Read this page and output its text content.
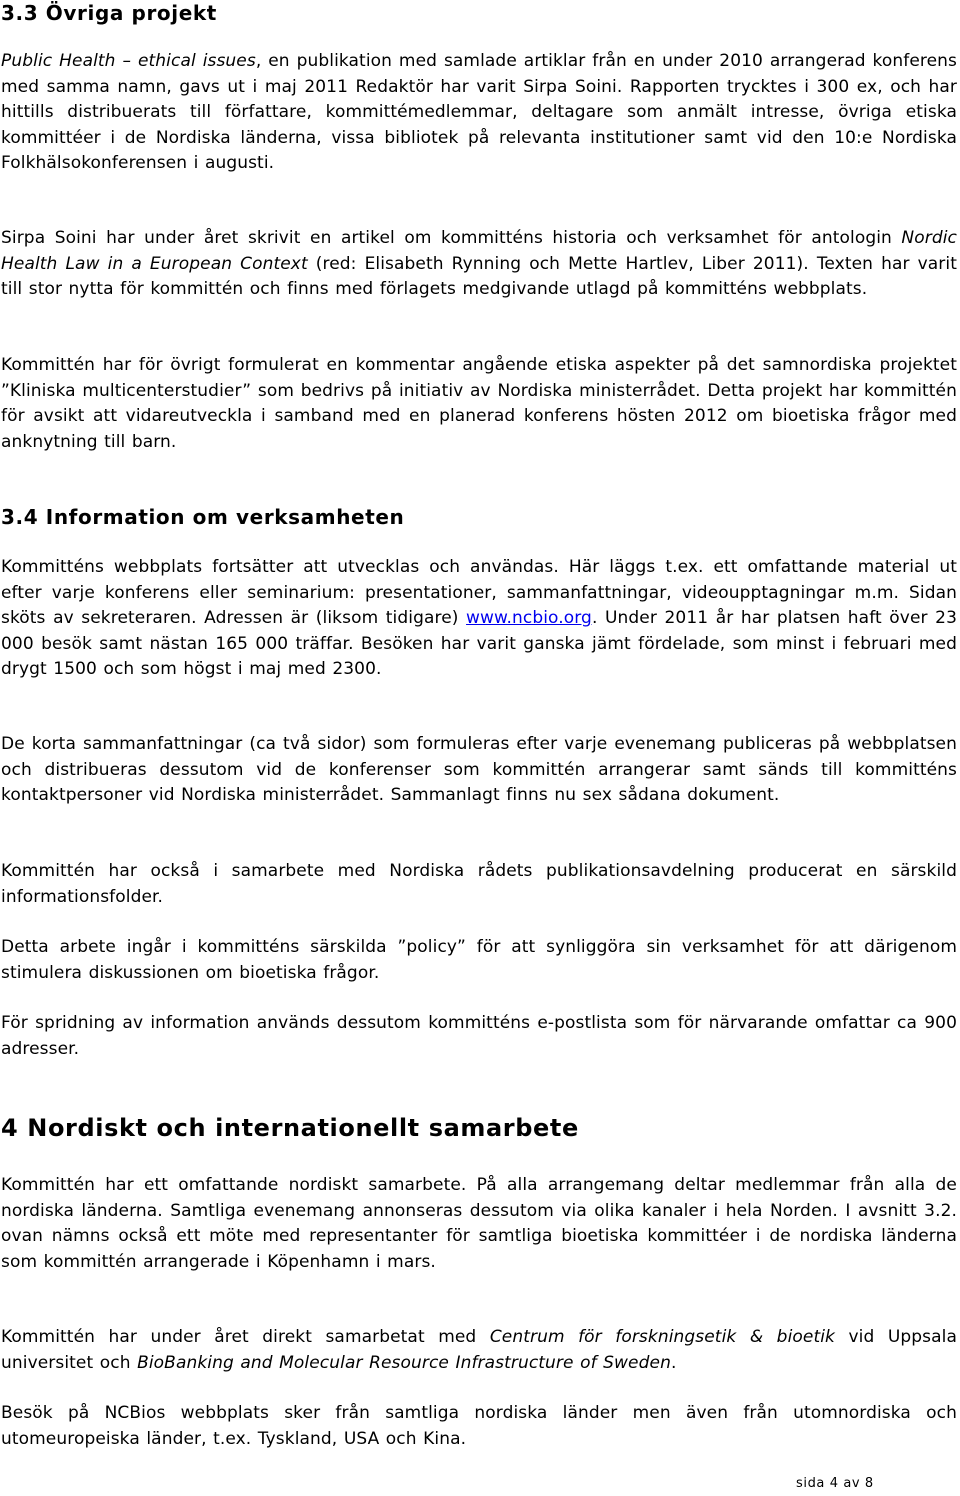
3.3 Övriga projekt

Public Health – ethical issues, en publikation med samlade artiklar från en under 2010 arrangerad konferens med samma namn, gavs ut i maj 2011 Redaktör har varit Sirpa Soini. Rapporten trycktes i 300 ex, och har hittills distribuerats till författare, kommittémedlemmar, deltagare som anmält intresse, övriga etiska kommittéer i de Nordiska länderna, vissa bibliotek på relevanta institutioner samt vid den 10:e Nordiska Folkhälsokonferensen i augusti.

Sirpa Soini har under året skrivit en artikel om kommitténs historia och verksamhet för antologin Nordic Health Law in a European Context (red: Elisabeth Rynning och Mette Hartlev, Liber 2011). Texten har varit till stor nytta för kommittén och finns med förlagets medgivande utlagd på kommitténs webbplats.

Kommittén har för övrigt formulerat en kommentar angående etiska aspekter på det samnordiska projektet ”Kliniska multicenterstudier” som bedrivs på initiativ av Nordiska ministerrådet. Detta projekt har kommittén för avsikt att vidareutveckla i samband med en planerad konferens hösten 2012 om bioetiska frågor med anknytning till barn.

3.4 Information om verksamheten

Kommitténs webbplats fortsätter att utvecklas och användas. Här läggs t.ex. ett omfattande material ut efter varje konferens eller seminarium: presentationer, sammanfattningar, videoupptagningar m.m. Sidan sköts av sekreteraren. Adressen är (liksom tidigare) www.ncbio.org. Under 2011 år har platsen haft över 23 000 besök samt nästan 165 000 träffar. Besöken har varit ganska jämt fördelade, som minst i februari med drygt 1500 och som högst i maj med 2300.

De korta sammanfattningar (ca två sidor) som formuleras efter varje evenemang publiceras på webbplatsen och distribueras dessutom vid de konferenser som kommittén arrangerar samt sänds till kommitténs kontaktpersoner vid Nordiska ministerrådet. Sammanlagt finns nu sex sådana dokument.

Kommittén har också i samarbete med Nordiska rådets publikationsavdelning producerat en särskild informationsfolder.

Detta arbete ingår i kommitténs särskilda ”policy” för att synliggöra sin verksamhet för att därigenom stimulera diskussionen om bioetiska frågor.

För spridning av information används dessutom kommitténs e-postlista som för närvarande omfattar ca 900 adresser.

4 Nordiskt och internationellt samarbete

Kommittén har ett omfattande nordiskt samarbete. På alla arrangemang deltar medlemmar från alla de nordiska länderna. Samtliga evenemang annonseras dessutom via olika kanaler i hela Norden. I avsnitt 3.2. ovan nämns också ett möte med representanter för samtliga bioetiska kommittéer i de nordiska länderna som kommittén arrangerade i Köpenhamn i mars.

Kommittén har under året direkt samarbetat med Centrum för forskningsetik & bioetik vid Uppsala universitet och BioBanking and Molecular Resource Infrastructure of Sweden.

Besök på NCBios webbplats sker från samtliga nordiska länder men även från utomnordiska och utomeuropeiska länder, t.ex. Tyskland, USA och Kina.

sida 4 av 8
